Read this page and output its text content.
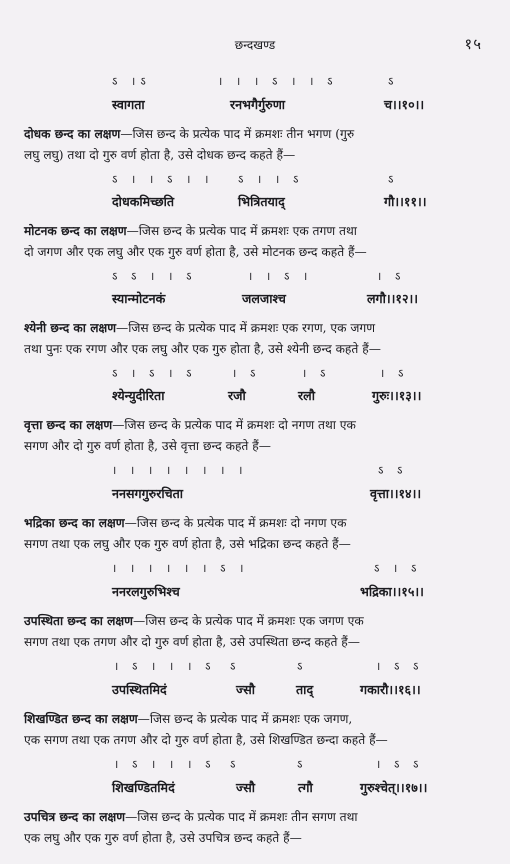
छन्दखण्ड	१५
ऽ ।ऽ	। । । ऽ । । ऽ	ऽ
स्वागता	रनभगैर्गुरुणा	च।।१०।।
दोधक छन्द का लक्षण—जिस छन्द के प्रत्येक पाद में क्रमशः तीन भगण (गुरु
लघु लघु) तथा दो गुरु वर्ण होता है, उसे दोधक छन्द कहते हैं—
ऽ । । ऽ । । ऽ । । ऽ	ऽ
दोधकमिच्छति	भित्रितयाद्	गौ।।११।।
मोटनक छन्द का लक्षण—जिस छन्द के प्रत्येक पाद में क्रमशः एक तगण तथा
दो जगण और एक लघु और एक गुरु वर्ण होता है, उसे मोटनक छन्द कहते हैं—
ऽ ऽ । । ऽ	। । ऽ ।	। ऽ
स्यान्मोटनकं	जलजाश्च	लगौ।।१२।।
श्येनी छन्द का लक्षण—जिस छन्द के प्रत्येक पाद में क्रमशः एक रगण, एक जगण
तथा पुनः एक रगण और एक लघु और एक गुरु होता है, उसे श्येनी छन्द कहते हैं—
ऽ । ऽ । ऽ	। ऽ	। ऽ	। ऽ
श्येन्युदीरिता	रजौ	रलौ	गुरुः।।१३।।
वृत्ता छन्द का लक्षण—जिस छन्द के प्रत्येक पाद में क्रमशः दो नगण तथा एक
सगण और दो गुरु वर्ण होता है, उसे वृत्ता छन्द कहते हैं—
। । । । । । । ।	ऽ ऽ
ननसगगुरुरचिता	वृत्ता।।१४।।
भद्रिका छन्द का लक्षण—जिस छन्द के प्रत्येक पाद में क्रमशः दो नगण एक
सगण तथा एक लघु और एक गुरु वर्ण होता है, उसे भद्रिका छन्द कहते हैं—
। । । । । । ऽ ।	ऽ । ऽ
ननरलगुरुभिश्च	भद्रिका।।१५।।
उपस्थिता छन्द का लक्षण—जिस छन्द के प्रत्येक पाद में क्रमशः एक जगण एक
सगण तथा एक तगण और दो गुरु वर्ण होता है, उसे उपस्थिता छन्द कहते हैं—
। ऽ । । । ऽ ऽ	ऽ	। ऽ ऽ
उपस्थितमिदं	ज्सौ	ताद्	गकारौ।।१६।।
शिखण्डित छन्द का लक्षण—जिस छन्द के प्रत्येक पाद में क्रमशः एक जगण,
एक सगण तथा एक तगण और दो गुरु वर्ण होता है, उसे शिखण्डित छन्दा कहते हैं—
। ऽ । । । ऽ ऽ	ऽ	। ऽ ऽ
शिखण्डितमिदं	ज्सौ	त्गौ	गुरुश्चेत्।।१७।।
उपचित्र छन्द का लक्षण—जिस छन्द के प्रत्येक पाद में क्रमशः तीन सगण तथा
एक लघु और एक गुरु वर्ण होता है, उसे उपचित्र छन्द कहते हैं—
